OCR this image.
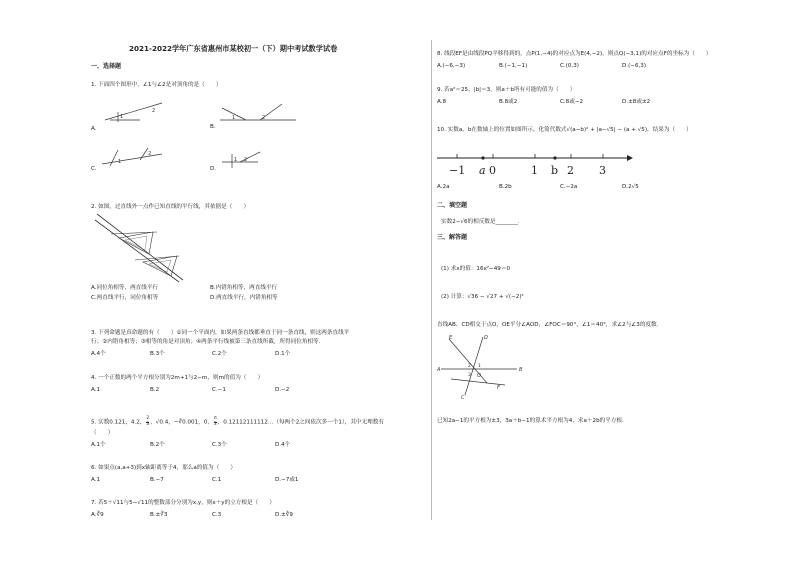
2021-2022学年广东省惠州市某校初一（下）期中考试数学试卷
一、选择题
1. 下面四个图形中，∠1与∠2是对顶角的是（　　）
A.	B.
C.	D.
1
2
1	2
1
2
1 2
2. 如图，过直线外一点作已知直线的平行线，其依据是（　　）
A.同位角相等，两直线平行	B.内错角相等，两直线平行
C.两直线平行，同位角相等	D.两直线平行，内错角相等
3. 下列命题是真命题的有（　　）①同一个平面内，如果两条直线都垂直于同一条直线，则这两条直线平
行；②内错角相等；③相等的角是对顶角；④两条平行线被第三条直线所截，所得同位角相等．
A.4个	B.3个	C.2个	D.1个
4. 一个正数的两个平方根分别为2m+1与2−m，则m的值为（　　）
A.1	B.2	C.−1	D.−2
5. 实数0.121，4.2， $\frac{2}{3}$ ，√0.4，−∛0.001，0， $\frac{\pi}{3}$ ，0.12112111112…（每两个2之间依次多一个1），其中无理数有
（　　）
A.1个	B.2个	C.3个	D.4个
6. 如果点(a,a+3)到x轴距离等于4，那么a的值为（　　）
A.1	B.−7	C.1	D.−7或1
7. 若5＋√11与5−√11的整数部分分别为x,y，则x＋y的立方根是（　　）
A.∛9	B.±∛3	C.3	D.±∛9
8. 线段EF是由线段PQ平移得到的，点P(1,−4)的对应点为E(4,−2)，则点Q(−3,1)的对应点F的坐标为（　　）
A.(−6,−3)	B.(−1,−1)	C.(0,3)	D.(−6,3)
9. 若a²＝25，|b|＝3，则a＋b所有可能的值为（　　）
A.8	B.8或2	C.8或−2	D.±8或±2
10. 实数a、b在数轴上的位置如图所示，化简代数式√(a−b)² + |a−√5| − (a + √5)，结果为（　　）
−1 a 0	1 b 2 3
A.2a	B.2b	C.−2a	D.2√5
二、填空题
实数2−√6的相反数是________.
三、解答题
(1) 求x的值：16x²−49＝0
(2) 计算：√36 − √27 + √(−2)²
直线AB、CD相交于点O，OE平分∠AOD，∠FOC＝90°，∠1＝40°，求∠2与∠3的度数.
E	D
A	B
C
F
O
1
2
3
已知2a−1的平方根为±3，3a＋b−1的算术平方根为4，求a＋2b的平方根.
